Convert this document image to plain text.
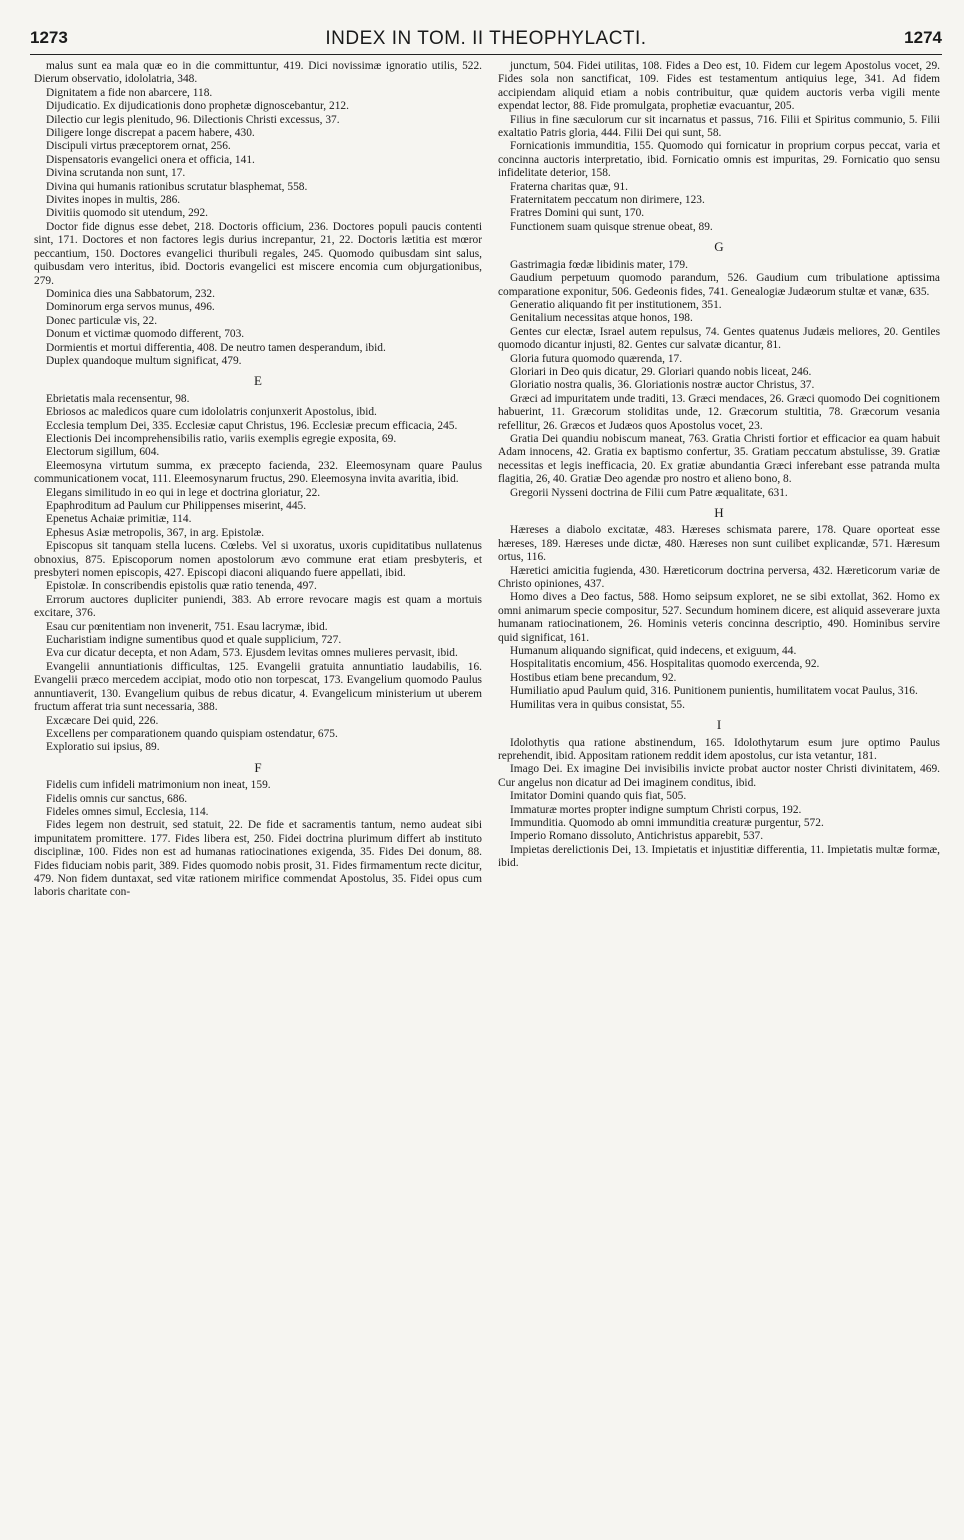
1273	INDEX IN TOM. II THEOPHYLACTI.	1274

malus sunt ea mala quæ eo in die committuntur, 419. Dici novissimæ ignoratio utilis, 522. Dierum observatio, idololatria, 348.

Dignitatem a fide non abarcere, 118.

Dijudicatio. Ex dijudicationis dono prophetæ dignoscebantur, 212.

Dilectio cur legis plenitudo, 96. Dilectionis Christi excessus, 37.

Diligere longe discrepat a pacem habere, 430.

Discipuli virtus præceptorem ornat, 256.

Dispensatoris evangelici onera et officia, 141.

Divina scrutanda non sunt, 17.

Divina qui humanis rationibus scrutatur blasphemat, 558.

Divites inopes in multis, 286.

Divitiis quomodo sit utendum, 292.

Doctor fide dignus esse debet, 218. Doctoris officium, 236. Doctores populi paucis contenti sint, 171. Doctores et non factores legis durius increpantur, 21, 22. Doctoris lætitia est mœror peccantium, 150. Doctores evangelici thuribuli regales, 245. Quomodo quibusdam sint salus, quibusdam vero interitus, ibid. Doctoris evangelici est miscere encomia cum objurgationibus, 279.

Dominica dies una Sabbatorum, 232.

Dominorum erga servos munus, 496.

Donec particulæ vis, 22.

Donum et victimæ quomodo different, 703.

Dormientis et mortui differentia, 408. De neutro tamen desperandum, ibid.

Duplex quandoque multum significat, 479.

E

Ebrietatis mala recensentur, 98.

Ebriosos ac maledicos quare cum idololatris conjunxerit Apostolus, ibid.

Ecclesia templum Dei, 335. Ecclesiæ caput Christus, 196. Ecclesiæ precum efficacia, 245.

Electionis Dei incomprehensibilis ratio, variis exemplis egregie exposita, 69.

Electorum sigillum, 604.

Eleemosyna virtutum summa, ex præcepto facienda, 232. Eleemosynam quare Paulus communicationem vocat, 111. Eleemosynarum fructus, 290. Eleemosyna invita avaritia, ibid.

Elegans similitudo in eo qui in lege et doctrina gloriatur, 22.

Epaphroditum ad Paulum cur Philippenses miserint, 445.

Epenetus Achaiæ primitiæ, 114.

Ephesus Asiæ metropolis, 367, in arg. Epistolæ.

Episcopus sit tanquam stella lucens. Cœlebs. Vel si uxoratus, uxoris cupiditatibus nullatenus obnoxius, 875. Episcoporum nomen apostolorum ævo commune erat etiam presbyteris, et presbyteri nomen episcopis, 427. Episcopi diaconi aliquando fuere appellati, ibid.

Epistolæ. In conscribendis epistolis quæ ratio tenenda, 497.

Errorum auctores dupliciter puniendi, 383. Ab errore revocare magis est quam a mortuis excitare, 376.

Esau cur pœnitentiam non invenerit, 751. Esau lacrymæ, ibid.

Eucharistiam indigne sumentibus quod et quale supplicium, 727.

Eva cur dicatur decepta, et non Adam, 573. Ejusdem levitas omnes mulieres pervasit, ibid.

Evangelii annuntiationis difficultas, 125. Evangelii gratuita annuntiatio laudabilis, 16. Evangelii præco mercedem accipiat, modo otio non torpescat, 173. Evangelium quomodo Paulus annuntiaverit, 130. Evangelium quibus de rebus dicatur, 4. Evangelicum ministerium ut uberem fructum afferat tria sunt necessaria, 388.

Excæcare Dei quid, 226.

Excellens per comparationem quando quispiam ostendatur, 675.

Exploratio sui ipsius, 89.

F

Fidelis cum infideli matrimonium non ineat, 159.

Fidelis omnis cur sanctus, 686.

Fideles omnes simul, Ecclesia, 114.

Fides legem non destruit, sed statuit, 22. De fide et sacramentis tantum, nemo audeat sibi impunitatem promittere. 177. Fides libera est, 250. Fidei doctrina plurimum differt ab instituto disciplinæ, 100. Fides non est ad humanas ratiocinationes exigenda, 35. Fides Dei donum, 88. Fides fiduciam nobis parit, 389. Fides quomodo nobis prosit, 31. Fides firmamentum recte dicitur, 479. Non fidem duntaxat, sed vitæ rationem mirifice commendat Apostolus, 35. Fidei opus cum laboris charitate con-

junctum, 504. Fidei utilitas, 108. Fides a Deo est, 10. Fidem cur legem Apostolus vocet, 29. Fides sola non sanctificat, 109. Fides est testamentum antiquius lege, 341. Ad fidem accipiendam aliquid etiam a nobis contribuitur, quæ quidem auctoris verba vigili mente expendat lector, 88. Fide promulgata, prophetiæ evacuantur, 205.

Filius in fine sæculorum cur sit incarnatus et passus, 716. Filii et Spiritus communio, 5. Filii exaltatio Patris gloria, 444. Filii Dei qui sunt, 58.

Fornicationis immunditia, 155. Quomodo qui fornicatur in proprium corpus peccat, varia et concinna auctoris interpretatio, ibid. Fornicatio omnis est impuritas, 29. Fornicatio quo sensu infidelitate deterior, 158.

Fraterna charitas quæ, 91.

Fraternitatem peccatum non dirimere, 123.

Fratres Domini qui sunt, 170.

Functionem suam quisque strenue obeat, 89.

G

Gastrimagia fœdæ libidinis mater, 179.

Gaudium perpetuum quomodo parandum, 526. Gaudium cum tribulatione aptissima comparatione exponitur, 506. Gedeonis fides, 741. Genealogiæ Judæorum stultæ et vanæ, 635.

Generatio aliquando fit per institutionem, 351.

Genitalium necessitas atque honos, 198.

Gentes cur electæ, Israel autem repulsus, 74. Gentes quatenus Judæis meliores, 20. Gentiles quomodo dicantur injusti, 82. Gentes cur salvatæ dicantur, 81.

Gloria futura quomodo quærenda, 17.

Gloriari in Deo quis dicatur, 29. Gloriari quando nobis liceat, 246.

Gloriatio nostra qualis, 36. Gloriationis nostræ auctor Christus, 37.

Græci ad impuritatem unde traditi, 13. Græci mendaces, 26. Græci quomodo Dei cognitionem habuerint, 11. Græcorum stoliditas unde, 12. Græcorum stultitia, 78. Græcorum vesania refellitur, 26. Græcos et Judæos quos Apostolus vocet, 23.

Gratia Dei quandiu nobiscum maneat, 763. Gratia Christi fortior et efficacior ea quam habuit Adam innocens, 42. Gratia ex baptismo confertur, 35. Gratiam peccatum abstulisse, 39. Gratiæ necessitas et legis inefficacia, 20. Ex gratiæ abundantia Græci inferebant esse patranda multa flagitia, 26, 40. Gratiæ Deo agendæ pro nostro et alieno bono, 8.

Gregorii Nysseni doctrina de Filii cum Patre æqualitate, 631.

H

Hæreses a diabolo excitatæ, 483. Hæreses schismata parere, 178. Quare oporteat esse hæreses, 189. Hæreses unde dictæ, 480. Hæreses non sunt cuilibet explicandæ, 571. Hæresum ortus, 116.

Hæretici amicitia fugienda, 430. Hæreticorum doctrina perversa, 432. Hæreticorum variæ de Christo opiniones, 437.

Homo dives a Deo factus, 588. Homo seipsum exploret, ne se sibi extollat, 362. Homo ex omni animarum specie compositur, 527. Secundum hominem dicere, est aliquid asseverare juxta humanam ratiocinationem, 26. Hominis veteris concinna descriptio, 490. Hominibus servire quid significat, 161.

Humanum aliquando significat, quid indecens, et exiguum, 44.

Hospitalitatis encomium, 456. Hospitalitas quomodo exercenda, 92.

Hostibus etiam bene precandum, 92.

Humiliatio apud Paulum quid, 316. Punitionem punientis, humilitatem vocat Paulus, 316.

Humilitas vera in quibus consistat, 55.

I

Idolothytis qua ratione abstinendum, 165. Idolothytarum esum jure optimo Paulus reprehendit, ibid. Appositam rationem reddit idem apostolus, cur ista vetantur, 181.

Imago Dei. Ex imagine Dei invisibilis invicte probat auctor noster Christi divinitatem, 469. Cur angelus non dicatur ad Dei imaginem conditus, ibid.

Imitator Domini quando quis fiat, 505.

Immaturæ mortes propter indigne sumptum Christi corpus, 192.

Immunditia. Quomodo ab omni immunditia creaturæ purgentur, 572.

Imperio Romano dissoluto, Antichristus apparebit, 537.

Impietas derelictionis Dei, 13. Impietatis et injustitiæ differentia, 11. Impietatis multæ formæ, ibid.
